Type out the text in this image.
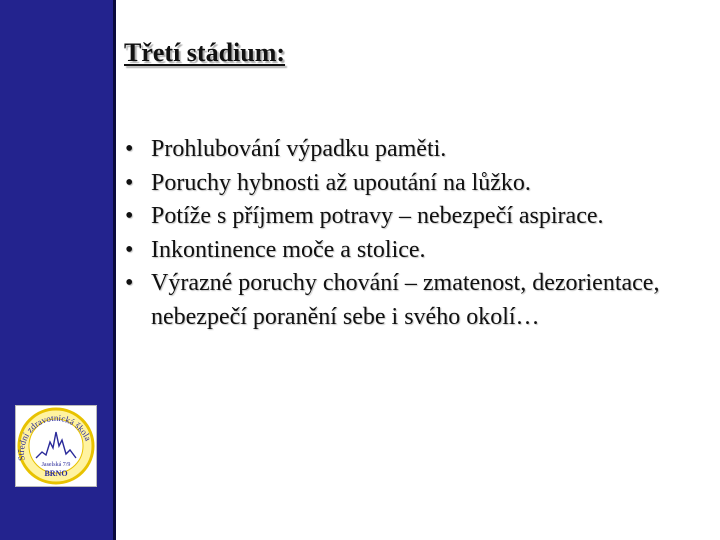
Střední zdravotnická škola
Jaselská 7/9
BRNO
Třetí stádium:
• Prohlubování výpadku paměti.
• Poruchy hybnosti až upoutání na lůžko.
• Potíže s příjmem potravy – nebezpečí aspirace.
• Inkontinence moče a stolice.
• Výrazné poruchy chování – zmatenost, dezorientace, nebezpečí poranění sebe i svého okolí…
